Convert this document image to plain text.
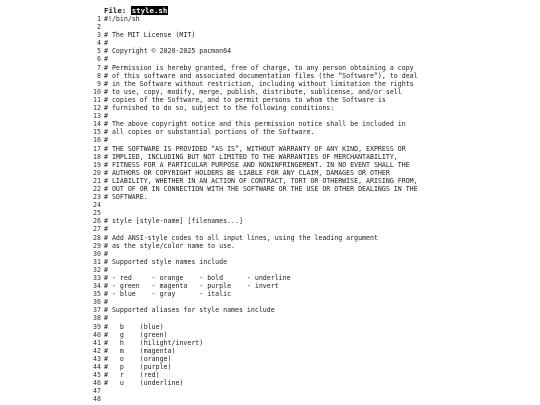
File: style.sh
1 #!/bin/sh
2
3 # The MIT License (MIT)
4 #
5 # Copyright © 2020-2025 pacman64
6 #
7 # Permission is hereby granted, free of charge, to any person obtaining a copy
8 # of this software and associated documentation files (the “Software”), to deal
9 # in the Software without restriction, including without limitation the rights
10 # to use, copy, modify, merge, publish, distribute, sublicense, and/or sell
11 # copies of the Software, and to permit persons to whom the Software is
12 # furnished to do so, subject to the following conditions:
13 #
14 # The above copyright notice and this permission notice shall be included in
15 # all copies or substantial portions of the Software.
16 #
17 # THE SOFTWARE IS PROVIDED “AS IS”, WITHOUT WARRANTY OF ANY KIND, EXPRESS OR
18 # IMPLIED, INCLUDING BUT NOT LIMITED TO THE WARRANTIES OF MERCHANTABILITY,
19 # FITNESS FOR A PARTICULAR PURPOSE AND NONINFRINGEMENT. IN NO EVENT SHALL THE
20 # AUTHORS OR COPYRIGHT HOLDERS BE LIABLE FOR ANY CLAIM, DAMAGES OR OTHER
21 # LIABILITY, WHETHER IN AN ACTION OF CONTRACT, TORT OR OTHERWISE, ARISING FROM,
22 # OUT OF OR IN CONNECTION WITH THE SOFTWARE OR THE USE OR OTHER DEALINGS IN THE
23 # SOFTWARE.
24
25
26 # style [style-name] [filenames...]
27 #
28 # Add ANSI-style codes to all input lines, using the leading argument
29 # as the style/color name to use.
30 #
31 # Supported style names include
32 #
33 # - red     - orange    - bold      - underline
34 # - green   - magenta   - purple    - invert
35 # - blue    - gray      - italic
36 #
37 # Supported aliases for style names include
38 #
39 #   b    (blue)
40 #   g    (green)
41 #   h    (hilight/invert)
42 #   m    (magenta)
43 #   o    (orange)
44 #   p    (purple)
45 #   r    (red)
46 #   u    (underline)
47
48
